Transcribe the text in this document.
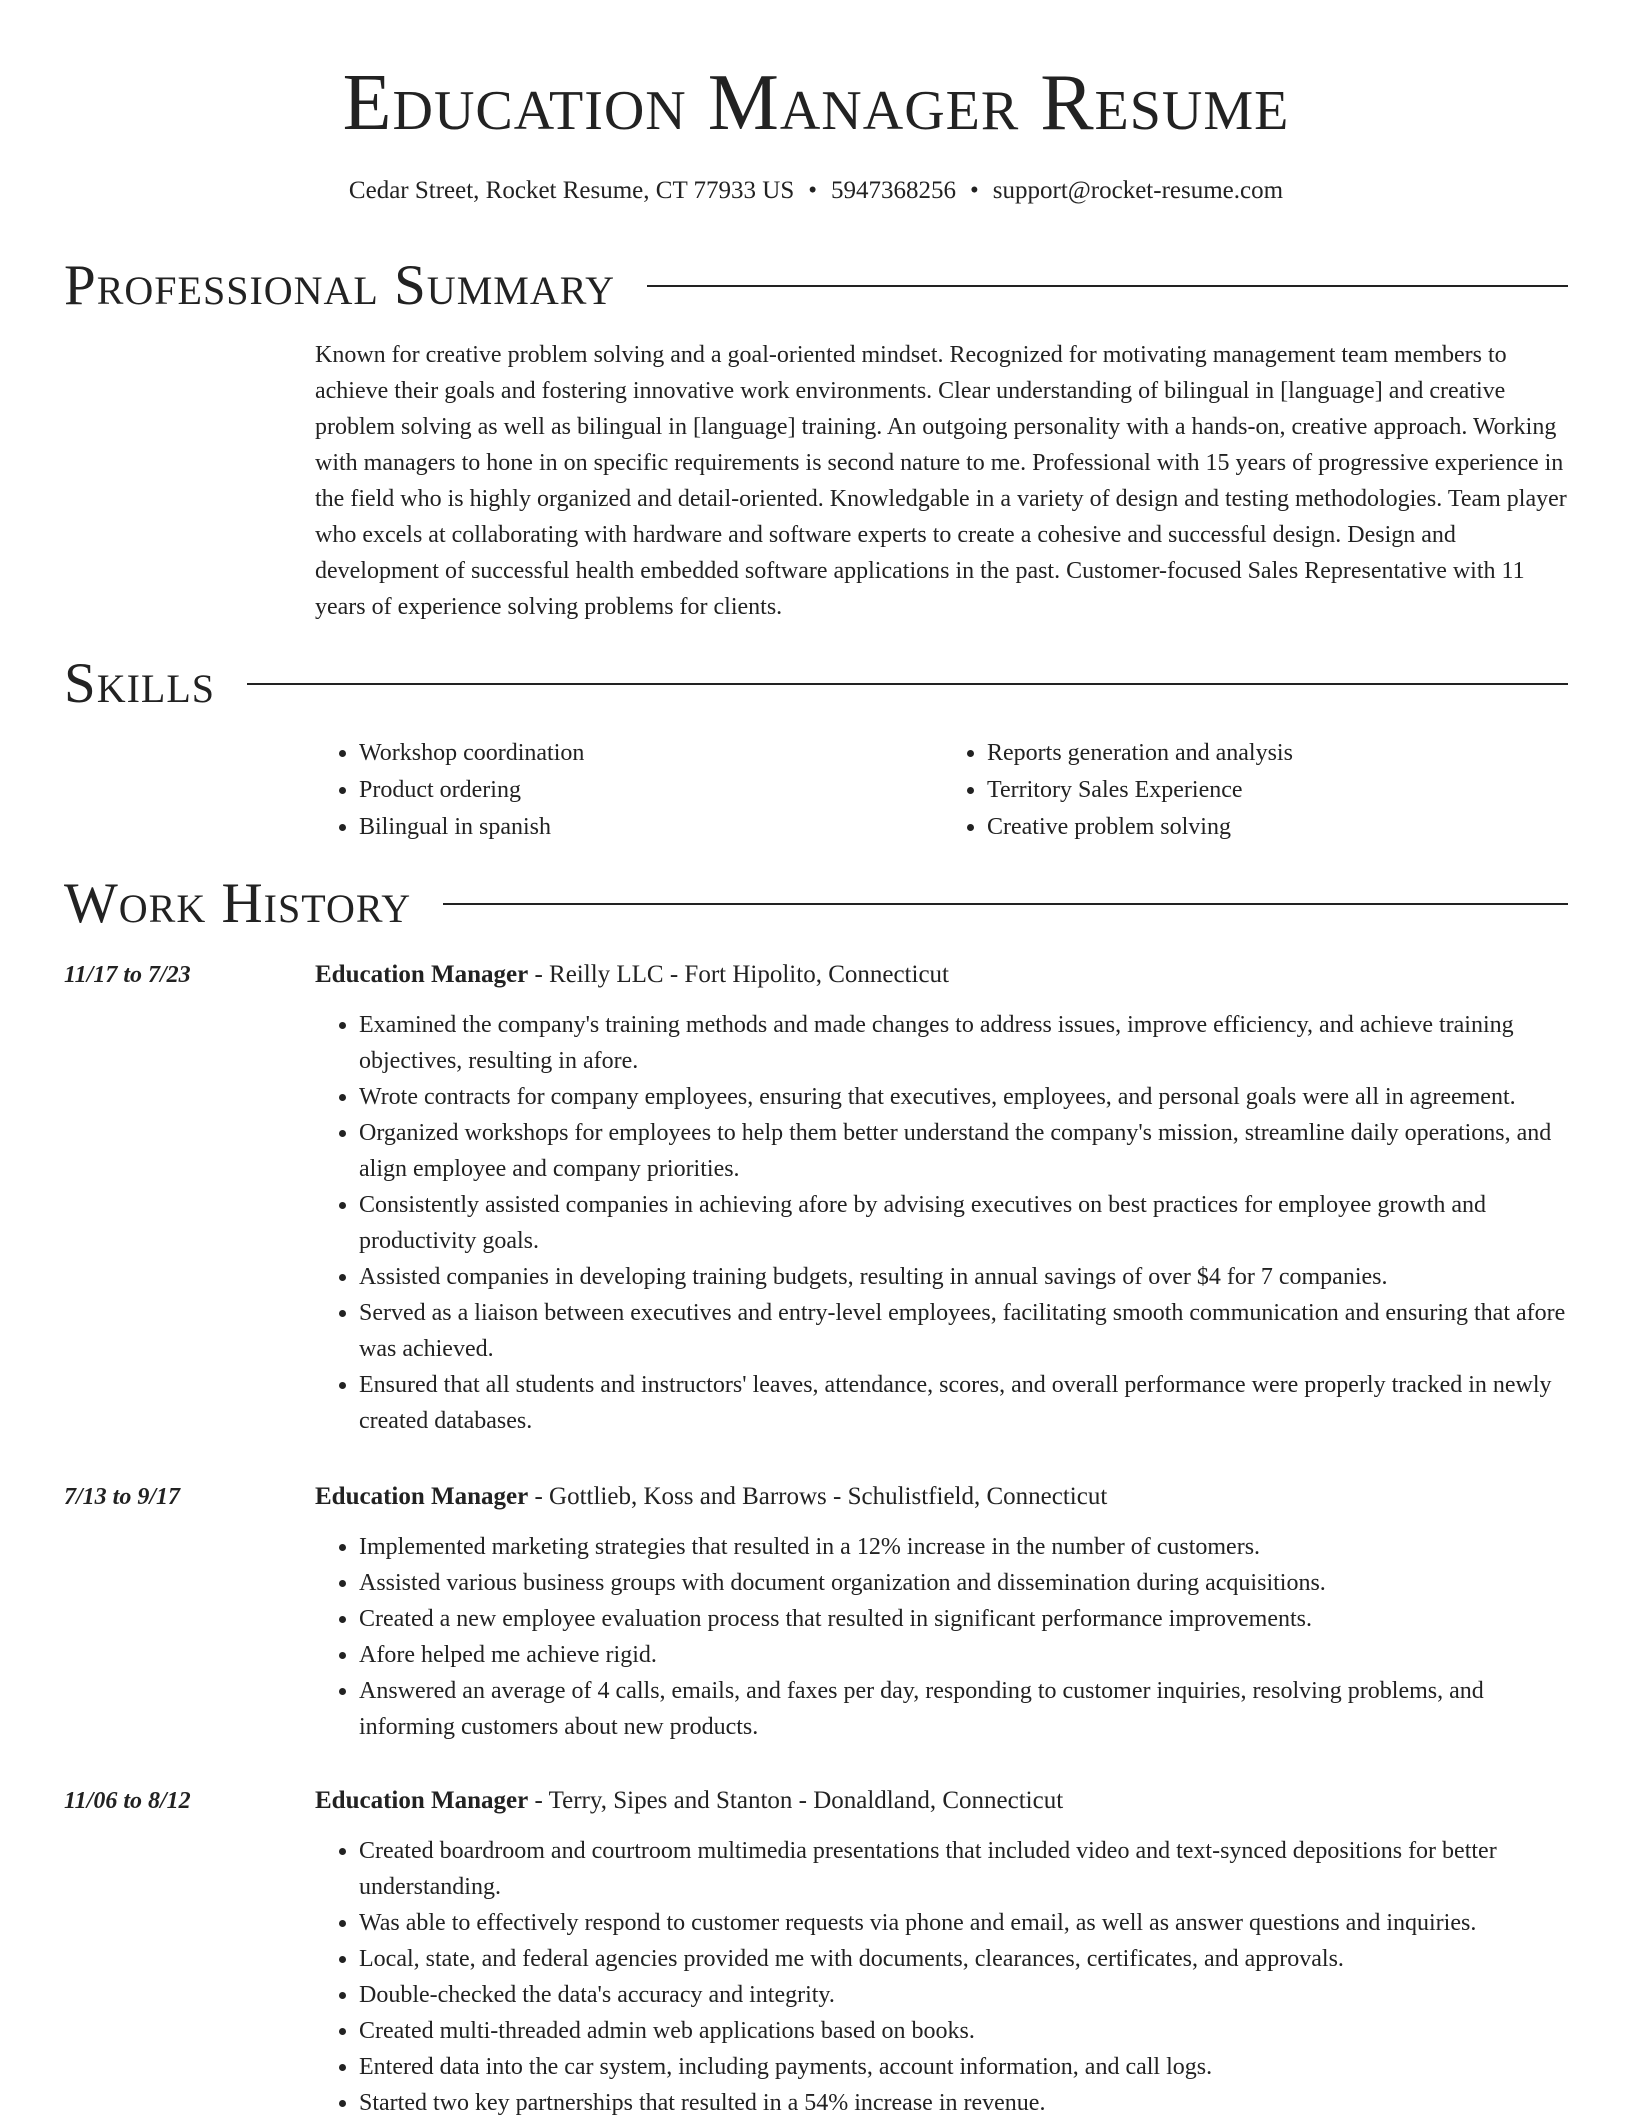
Education Manager Resume
Cedar Street, Rocket Resume, CT 77933 US • 5947368256 • support@rocket-resume.com
Professional Summary

Known for creative problem solving and a goal-oriented mindset. Recognized for motivating management team members to achieve their goals and fostering innovative work environments. Clear understanding of bilingual in [language] and creative problem solving as well as bilingual in [language] training. An outgoing personality with a hands-on, creative approach. Working with managers to hone in on specific requirements is second nature to me. Professional with 15 years of progressive experience in the field who is highly organized and detail-oriented. Knowledgable in a variety of design and testing methodologies. Team player who excels at collaborating with hardware and software experts to create a cohesive and successful design. Design and development of successful health embedded software applications in the past. Customer-focused Sales Representative with 11 years of experience solving problems for clients.

Skills
• Workshop coordination
• Product ordering
• Bilingual in spanish
• Reports generation and analysis
• Territory Sales Experience
• Creative problem solving
Work History
11/17 to 7/23	Education Manager - Reilly LLC - Fort Hipolito, Connecticut
• Examined the company's training methods and made changes to address issues, improve efficiency, and achieve training objectives, resulting in afore.
• Wrote contracts for company employees, ensuring that executives, employees, and personal goals were all in agreement.
• Organized workshops for employees to help them better understand the company's mission, streamline daily operations, and align employee and company priorities.
• Consistently assisted companies in achieving afore by advising executives on best practices for employee growth and productivity goals.
• Assisted companies in developing training budgets, resulting in annual savings of over $4 for 7 companies.
• Served as a liaison between executives and entry-level employees, facilitating smooth communication and ensuring that afore was achieved.
• Ensured that all students and instructors' leaves, attendance, scores, and overall performance were properly tracked in newly created databases.
7/13 to 9/17	Education Manager - Gottlieb, Koss and Barrows - Schulistfield, Connecticut
• Implemented marketing strategies that resulted in a 12% increase in the number of customers.
• Assisted various business groups with document organization and dissemination during acquisitions.
• Created a new employee evaluation process that resulted in significant performance improvements.
• Afore helped me achieve rigid.
• Answered an average of 4 calls, emails, and faxes per day, responding to customer inquiries, resolving problems, and informing customers about new products.
11/06 to 8/12	Education Manager - Terry, Sipes and Stanton - Donaldland, Connecticut
• Created boardroom and courtroom multimedia presentations that included video and text-synced depositions for better understanding.
• Was able to effectively respond to customer requests via phone and email, as well as answer questions and inquiries.
• Local, state, and federal agencies provided me with documents, clearances, certificates, and approvals.
• Double-checked the data's accuracy and integrity.
• Created multi-threaded admin web applications based on books.
• Entered data into the car system, including payments, account information, and call logs.
• Started two key partnerships that resulted in a 54% increase in revenue.
